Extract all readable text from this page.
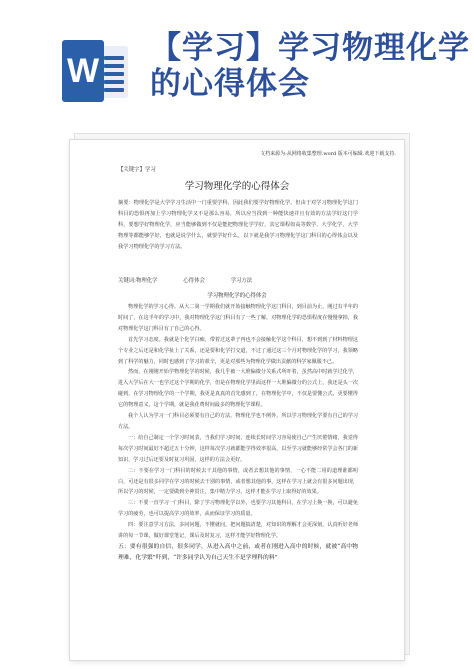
W
【学习】学习物理化学的心得体会
文档来源为:从网络收集整理.word 版本可编辑.欢迎下载支持.
【关键字】学习
学习物理化学的心得体会
摘要：物理化学是大学学习生活中一门重要学科，因此我们要学好物理化学。但由于对学习物理化学这门科目的恐惧再加上学习物理化学又不是那么容易，所以应当找到一种能快速并且有效的方法学好这门学科，要想学好物理化学，应当能够做到不仅是能把物理化学学好，其它课程如高等数学、大学化学、大学物理等都能够学好，也就是说学什么，就要学好什么，以下就是我学习物理化学这门科目的心得体会以及我学习物理化学的学习方法。
关键词:物理化学	心得体会	学习方法
学习物理化学的心得体会

物理化学的学习心得。从大二第一学期我们就开始接触物理化学这门科目，到目前为止，刚过有半年的时间了，在这半年的学习中，我对物理化学这门科目有了一些了解，对物理化学的恐惧程度在慢慢拿掉，我对物理化学这门科目有了自己的心得。

首先学习态度。我就是个化学白痴，带着过这辈子再也不会接触化学这个科目，想不到到了材料物理这个专业之后还是和化学扯上了关系，还是要和化学打交道，不过了通过这三个月对物理化学的学习，我领略到了科学的魅力，同时也感到了学习的艰辛，更是对那些为物理化学做出贡献的科学家佩服不已。

然而，在刚刚开始学物理化学的时候，我几乎被一大堆偏微分关系式所吓着，虽然高中时就学过化学，进入大学后在大一也学过这个学期的化学，但是在物理化学里面这样一大堆偏微分的公式上，我还是头一次碰到，在学习物理化学的一个学期，我更是真真的首先感到了，在物理化学中，不仅是要懂公式，更要懂得它的物理意义，这个学期，就是我花费时间最多的物理化学课程。

我个人认为学习一门科目必须要有自己的方法，物理化学也不例外，所以学习物理化学要有自己的学习方法。

一：给自己制定一个学习时间表，当我们学习时间，连续长时间学习容易使自己产生厌倦情绪，我觉得每次学习时间最好不超过五十分钟，这样每次学习就都能学得效率很高，以至学习就能够经常学会各门的新知识，学习过后还要及时复习巩固，这样的方法会更好。

二：不要在学习一门科目的时候去干其他的事情，或者去想其他的事情，一心不能二用的道理谁都明白，可还是有很多同学在学习的时候去干别的事情，或者想其他的事，这样在学习上就会有很多问题出现，所以学习的时候，一定要做到全神贯注，集中精力学习，这样才能在学习上取得好的效果。

三：不要一直学习一门科目，除了学习物理化学以外，也要学习其他科目，在学习上换一换，可以避免学习的疲劳，也可以提高学习的效率，从而保证学习的质量。

四：要注意学习方法，多问问题，不懂就问，把问题搞清楚，对知识的理解才会更深刻，认真听好老师讲的每一节课，做好课堂笔记，课后及时复习，这样才能学好物理化学。

五：要有很强的自信，很多同学，从进入高中之前，或者在刚进入高中的时候，就被“高中物理难，化学繁”吓到，“许多同学认为自己天生不是学理科的料”
